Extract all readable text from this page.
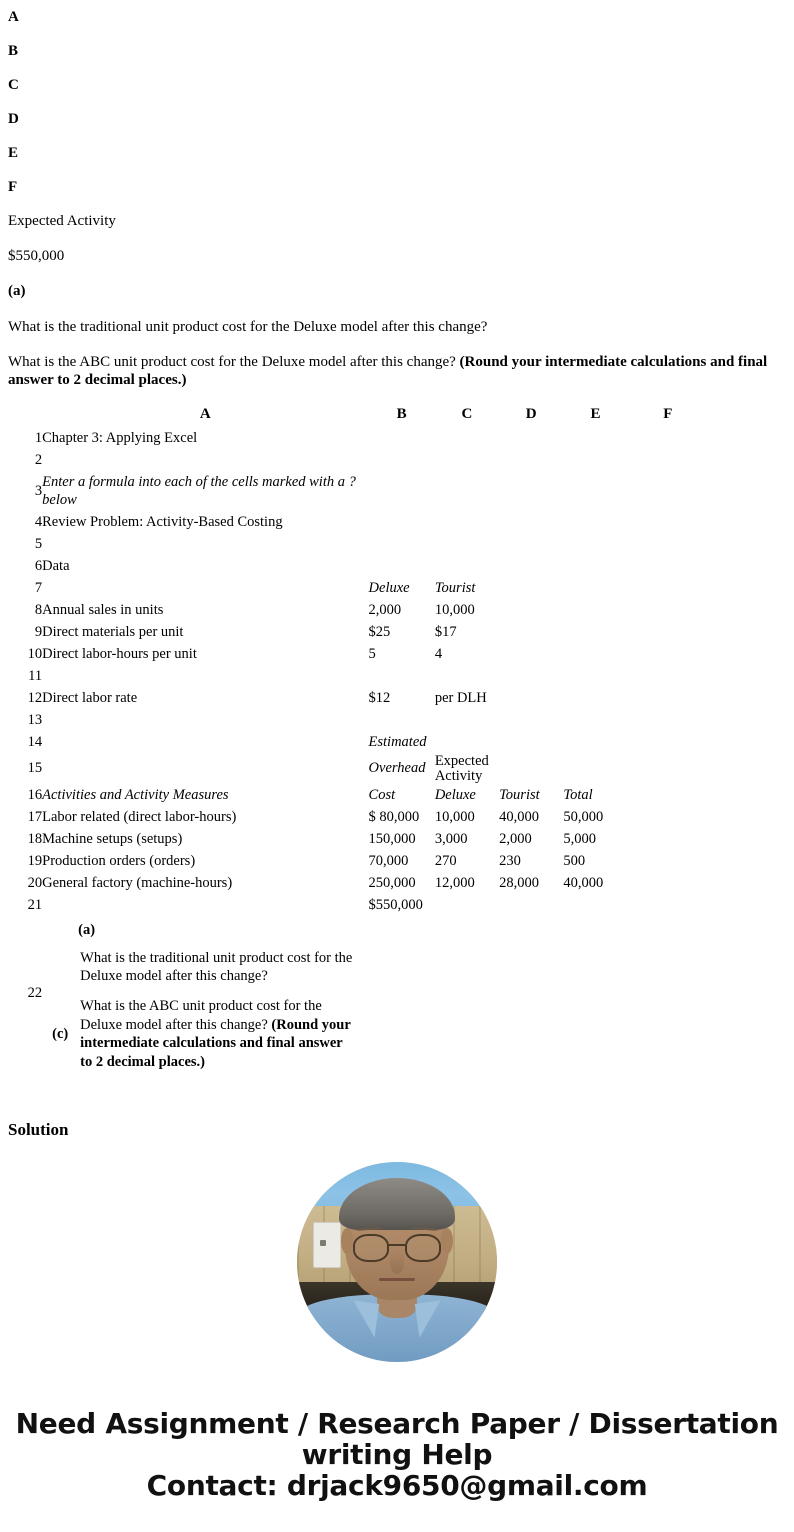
A

B

C

D

E

F

Expected Activity

$550,000

(a)

What is the traditional unit product cost for the Deluxe model after this change?

What is the ABC unit product cost for the Deluxe model after this change? (Round your intermediate calculations and final answer to 2 decimal places.)

	A	B	C	D	E	F
1	Chapter 3: Applying Excel					
2						
3	Enter a formula into each of the cells marked with a ? below					
4	Review Problem: Activity-Based Costing					
5						
6	Data					
7		Deluxe	Tourist			
8	Annual sales in units	2,000	10,000			
9	Direct materials per unit	$25	$17			
10	Direct labor-hours per unit	5	4			
11						
12	Direct labor rate	$12	per DLH			
13						
14		Estimated				
15		Overhead	Expected Activity			
16	Activities and Activity Measures	Cost	Deluxe	Tourist	Total	
17	Labor related (direct labor-hours)	$ 80,000	10,000	40,000	50,000	
18	Machine setups (setups)	150,000	3,000	2,000	5,000	
19	Production orders (orders)	70,000	270	230	500	
20	General factory (machine-hours)	250,000	12,000	28,000	40,000	
21		$550,000				
22	(a)
What is the traditional unit product cost for the Deluxe model after this change?
(c)
What is the ABC unit product cost for the Deluxe model after this change? (Round your intermediate calculations and final answer to 2 decimal places.)					
Solution
Need Assignment / Research Paper / Dissertation
writing Help
Contact: drjack9650@gmail.com
